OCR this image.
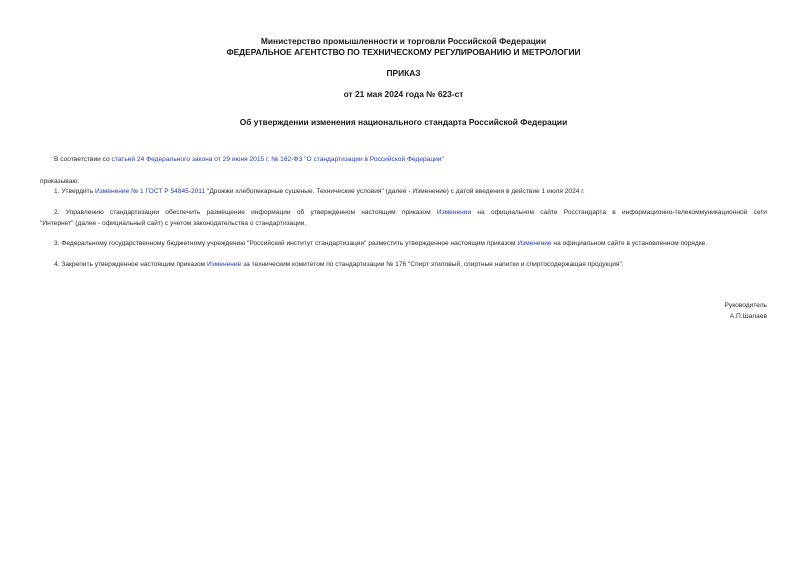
Министерство промышленности и торговли Российской Федерации
ФЕДЕРАЛЬНОЕ АГЕНТСТВО ПО ТЕХНИЧЕСКОМУ РЕГУЛИРОВАНИЮ И МЕТРОЛОГИИ
ПРИКАЗ
от 21 мая 2024 года № 623-ст
Об утверждении изменения национального стандарта Российской Федерации
В соответствии со статьей 24 Федерального закона от 29 июня 2015 г. № 162-ФЗ "О стандартизации в Российской Федерации"
приказываю:
1. Утвердить Изменение № 1 ГОСТ Р 54845-2011 "Дрожжи хлебопекарные сушеные. Технические условия" (далее - Изменение) с датой введения в действие 1 июля 2024 г.
2. Управлению стандартизации обеспечить размещение информации об утвержденном настоящим приказом Изменении на официальном сайте Росстандарта в информационно-телекоммуникационной сети
"Интернет" (далее - официальный сайт) с учетом законодательства о стандартизации.
3. Федеральному государственному бюджетному учреждению "Российский институт стандартизации" разместить утвержденное настоящим приказом Изменение на официальном сайте в установленном порядке.
4. Закрепить утвержденное настоящим приказом Изменение за техническим комитетом по стандартизации № 176 "Спирт этиловый, спиртные напитки и спиртосодержащая продукция".
Руководитель
А.П.Шалаев
